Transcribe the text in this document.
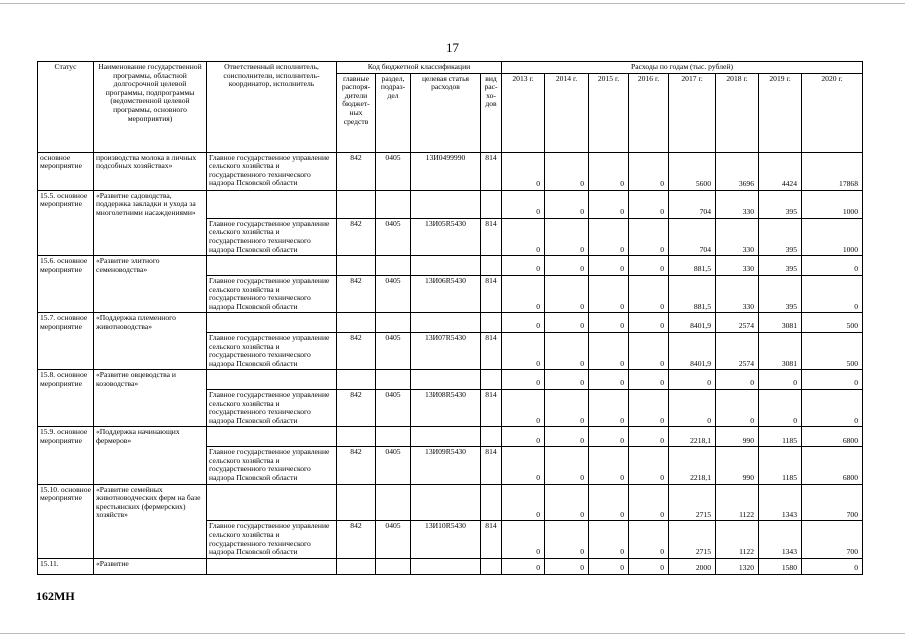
17
Статус	Наименование государственной программы, областной долгосрочной целевой программы, подпрограммы (ведомственной целевой программы, основного мероприятия)	Ответственный исполнитель, соисполнители, исполнитель-координатор, исполнитель	Код бюджетной классификации				Расходы по годам (тыс. рублей)							
			главные распоря-дители бюджет-ных средств	раздел, подраз-дел	целевая статья расходов	вид рас-хо-дов	2013 г.	2014 г.	2015 г.	2016 г.	2017 г.	2018 г.	2019 г.	2020 г.
основное мероприятие	производства молока в личных подсобных хозяйствах»	Главное государственное управление сельского хозяйства и государственного технического надзора Псковской области	842	0405	13И0499990	814	0	0	0	0	5600	3696	4424	17868
15.5. основное мероприятие	«Развитие садоводства, поддержка закладки и ухода за многолетними насаждениями»						0	0	0	0	704	330	395	1000
		Главное государственное управление сельского хозяйства и государственного технического надзора Псковской области	842	0405	13И05R5430	814	0	0	0	0	704	330	395	1000
15.6. основное мероприятие	«Развитие элитного семеноводства»						0	0	0	0	881,5	330	395	0
		Главное государственное управление сельского хозяйства и государственного технического надзора Псковской области	842	0405	13И06R5430	814	0	0	0	0	881,5	330	395	0
15.7. основное мероприятие	«Поддержка племенного животноводства»						0	0	0	0	8401,9	2574	3081	500
		Главное государственное управление сельского хозяйства и государственного технического надзора Псковской области	842	0405	13И07R5430	814	0	0	0	0	8401,9	2574	3081	500
15.8. основное мероприятие	«Развитие овцеводства и козоводства»						0	0	0	0	0	0	0	0
		Главное государственное управление сельского хозяйства и государственного технического надзора Псковской области	842	0405	13И08R5430	814	0	0	0	0	0	0	0	0
15.9. основное мероприятие	«Поддержка начинающих фермеров»						0	0	0	0	2218,1	990	1185	6800
		Главное государственное управление сельского хозяйства и государственного технического надзора Псковской области	842	0405	13И09R5430	814	0	0	0	0	2218,1	990	1185	6800
15.10. основное мероприятие	«Развитие семейных животноводческих ферм на базе крестьянских (фермерских) хозяйств»						0	0	0	0	2715	1122	1343	700
		Главное государственное управление сельского хозяйства и государственного технического надзора Псковской области	842	0405	13И10R5430	814	0	0	0	0	2715	1122	1343	700
15.11.	«Развитие						0	0	0	0	2000	1320	1580	0
162МН
